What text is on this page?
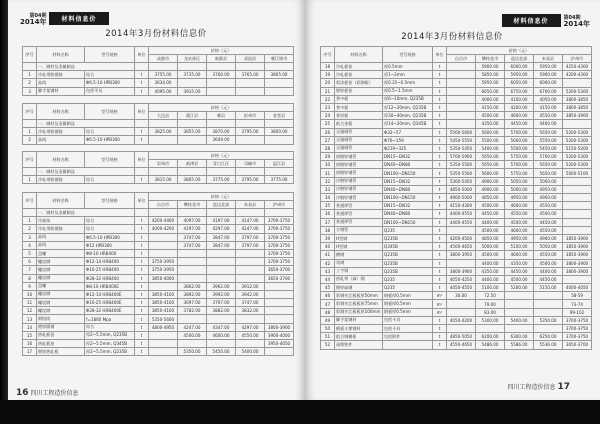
第04期
2014年	材料信息价
2014年3月份材料信息价
序号	材料名称	型号规格	单位	价格（元）				
				成都市	龙泉驿区	新都县	双流县	郫江堰市
	一、钢材及金属制品							
1	冷轧带肋钢筋	综合	t	3755.00	3735.00	3760.00	3765.00	3805.00
2	高线	Φ6.5-10 HPB300	t	3634.00				
3	脚手架钢材	包括平具	t	4095.00	3915.00			
序号	材料名称	型号规格	单位	价格（元）				
				大邑县	蒲江县	郫县	彭州市	金堂县
	一、钢材及金属制品							
1	冷轧带肋钢筋	综合	t	3825.00	3855.00	3870.00	3795.00	3800.00
2	高线	Φ6.5-10 HPB300	t			3649.00		
序号	材料名称	型号规格	单位	价格（元）				
				崇州市	新津县	青白江区	邛崃市	温江县
	一、钢材及金属制品							
1	冷轧带肋钢筋	综合	t	3815.00	3805.00	3775.00	3795.00	3775.00
序号	材料名称	型号规格	单位	价格（元）				
				自贡市	攀枝花市	盐边北部	米易县	泸州市
	一、钢材及金属制品							
1	冷拔丝	综合	t	4200-4400	4097.00	4197.00	4147.00	3700-3750
2	冷轧带肋钢筋	综合	t	4000-4200	4197.00	4297.00	4247.00	3700-3750
3	高线	Φ6.5-10 HPB300	t		3747.00	3847.00	3797.00	3700-3750
4	高线	Φ12 HPB300	t		3747.00	3847.00	3797.00	3700-3750
5	盘螺	Φ8-10 HRB400	t					3700-3750
6	螺纹钢	Φ12-14 HRB400	t	3750-3950				3700-3750
7	螺纹钢	Φ16-25 HRB400	t	3750-3950				3650-3700
8	螺纹钢	Φ28-32 HRB400	t	3850-4000				3650-3700
9	盘螺	Φ8-10 HRB400E	t		3862.00	3962.00	3912.00	
10	螺纹钢	Φ12-14 HRB400E	t	3850-4100	3892.00	3992.00	3942.00	
11	螺纹钢	Φ16-25 HRB400E	t	3850-4100	3697.00	3797.00	3747.00	
12	螺纹钢	Φ28-32 HRB400E	t	3850-4100	3782.00	3882.00	3832.00	
13	钢绞线	f=1860 Mpa	t	5350-5600				
14	镀锌圆钢	综合	t	4800-4950	4247.00	4347.00	4297.00	3800-3900
15	热轧板卷	厚2~5.5mm, Q235B	t		4500.00	4600.00	4550.00	3900-4000
16	热轧板卷	厚2~5.5mm, Q345B	t					3950-4050
17	镀锌热轧板	厚2~5.5mm, Q235B	t		5350.00	5450.00	5400.00	
16 四川工程造价信息
材料信息价
第04期
2014年
2014年3月份材料信息价
序号	材料名称	型号规格	单位	价格（元）				
				自贡市	攀枝花市	盐边北部	米易县	泸州市
18	冷轧板卷	厚0.5mm	t		5900.00	6000.00	5950.00	4250-4300
19	冷轧板卷	厚1~2mm	t		5850.00	5950.00	5900.00	4200-4300
20	彩涂板卷（彩钢板）	厚0.35~0.5mm	t		5950.00	6050.00	6000.00	
21	镀锌板卷	厚0.5~1.5mm	t		6650.00	6750.00	6700.00	5200-5300
22	普中板	厚6~10mm, Q235B	t		4000.00	4100.00	4050.00	3800-3850
23	普中板	厚12~20mm, Q235B	t		4150.00	4200.00	4150.00	3800-3850
24	普厚板	厚30~40mm, Q235B	t		4500.00	4600.00	4550.00	3850-3900
25	低合金板	厚14~20mm, Q345B	t		4350.00	4450.00	4400.00	
26	无缝钢管	Φ32~57	t	5500-5600	5600.00	5700.00	5650.00	5200-5300
27	无缝钢管	Φ76~159	t	5450-5550	5500.00	5600.00	5550.00	5200-5300
28	无缝钢管	Φ219~325	t	5350-5450	5400.00	5500.00	5450.00	5150-5200
29	热镀锌钢管	DN15~DN32	t	5700-5900	5650.00	5750.00	5700.00	5200-5300
30	热镀锌钢管	DN40~DN80	t	5350-5500	5650.00	5700.00	5650.00	5200-5300
31	热镀锌钢管	DN100~DN150	t	5350-5500	5600.00	5750.00	5650.00	5000-5100
32	冷镀锌钢管	DN15~DN32	t	5300-5450	4900.00	5050.00	5000.00	
33	冷镀锌钢管	DN40~DN80	t	4850-5000	4900.00	5000.00	4950.00	
34	冷镀锌钢管	DN100~DN150	t	4900-5000	4850.00	4950.00	4900.00	
35	普通焊管	DN15~DN32	t	4150-4300	4500.00	4600.00	4550.00	
36	普通焊管	DN40~DN80	t	4400-4550	4450.00	4550.00	4500.00	
37	普通焊管	DN100~DN150	t	4400-4550	4400.00	4500.00	4450.00	
38	方钢管	Q235	t		4500.00	4600.00	4550.00	
39	H型钢	Q235B	t	4200-4500	4850.00	4950.00	4900.00	3850-3900
40	H型钢	Q345B	t	4500-4650	5000.00	5100.00	5050.00	3850-3900
41	槽钢	Q235B	t	3800-3950	4500.00	4600.00	4550.00	3850-3900
42	角钢	Q235B	t		4400.00	4350.00	4500.00	3800-3900
43	工字钢	Q235B	t	3800-3900	4350.00	4450.00	4400.00	3800-3900
44	热轧带（扁）钢	Q235	t	4050-4250	4400.00	4500.00	4450.00	
45	镀锌扁钢	Q235	t	4450-4550	5100.00	5200.00	5150.00	4000-4050
46	彩钢夹芯板板厚50mm	钢板厚0.5mm	m²	30.00	72.50			58-59
47	彩钢夹芯板板厚75mm	钢板厚0.5mm	m²		79.00			73-74
48	彩钢夹芯板板厚100mm	钢板厚0.5mm	m²		83.00			99-102
49	脚手架钢材	包括卡具	t	4050-4200	5300.00	5400.00	5350.00	3700-3750
50	模板支撑钢材	包括卡具	t					3700-3750
51	组合钢模板	包括附件	t	4850-5050	6200.00	6300.00	6250.00	3700-3750
52	预埋铁件		t	4550-4650	5486.00	5586.00	5536.00	3650-3700
四川工程造价信息 17
